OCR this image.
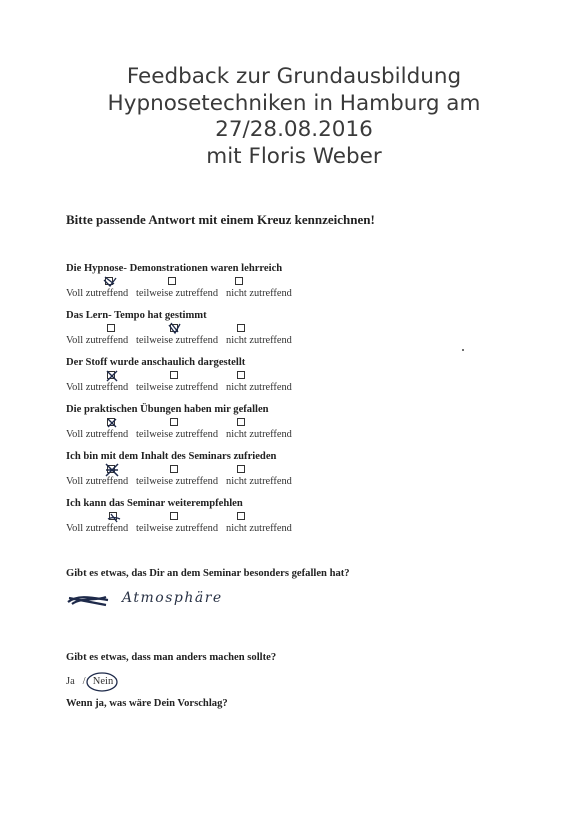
Feedback zur Grundausbildung
Hypnosetechniken in Hamburg am
27/28.08.2016
mit Floris Weber
Bitte passende Antwort mit einem Kreuz kennzeichnen!
Die Hypnose- Demonstrationen waren lehrreich
Voll zutreffend teilweise zutreffend nicht zutreffend
Das Lern- Tempo hat gestimmt
Voll zutreffend teilweise zutreffend nicht zutreffend
Der Stoff wurde anschaulich dargestellt
Voll zutreffend teilweise zutreffend nicht zutreffend
Die praktischen Übungen haben mir gefallen
Voll zutreffend teilweise zutreffend nicht zutreffend
Ich bin mit dem Inhalt des Seminars zufrieden
Voll zutreffend teilweise zutreffend nicht zutreffend
Ich kann das Seminar weiterempfehlen
Voll zutreffend teilweise zutreffend nicht zutreffend
Gibt es etwas, das Dir an dem Seminar besonders gefallen hat?
Atmosphäre
Gibt es etwas, dass man anders machen sollte?
Ja / Nein
Wenn ja, was wäre Dein Vorschlag?
